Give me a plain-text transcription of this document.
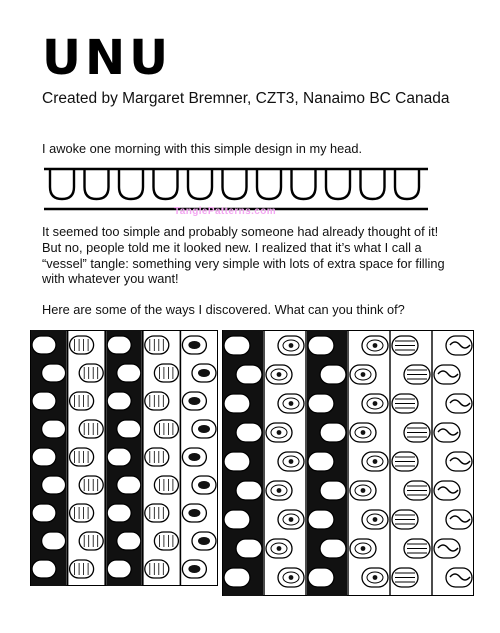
UNU

Created by Margaret Bremner, CZT3, Nanaimo BC Canada

I awoke one morning with this simple design in my head.

TanglePatterns.com

It seemed too simple and probably someone had already thought of it!
But no, people told me it looked new. I realized that it’s what I call a
“vessel” tangle: something very simple with lots of extra space for filling
with whatever you want!

Here are some of the ways I discovered. What can you think of?
